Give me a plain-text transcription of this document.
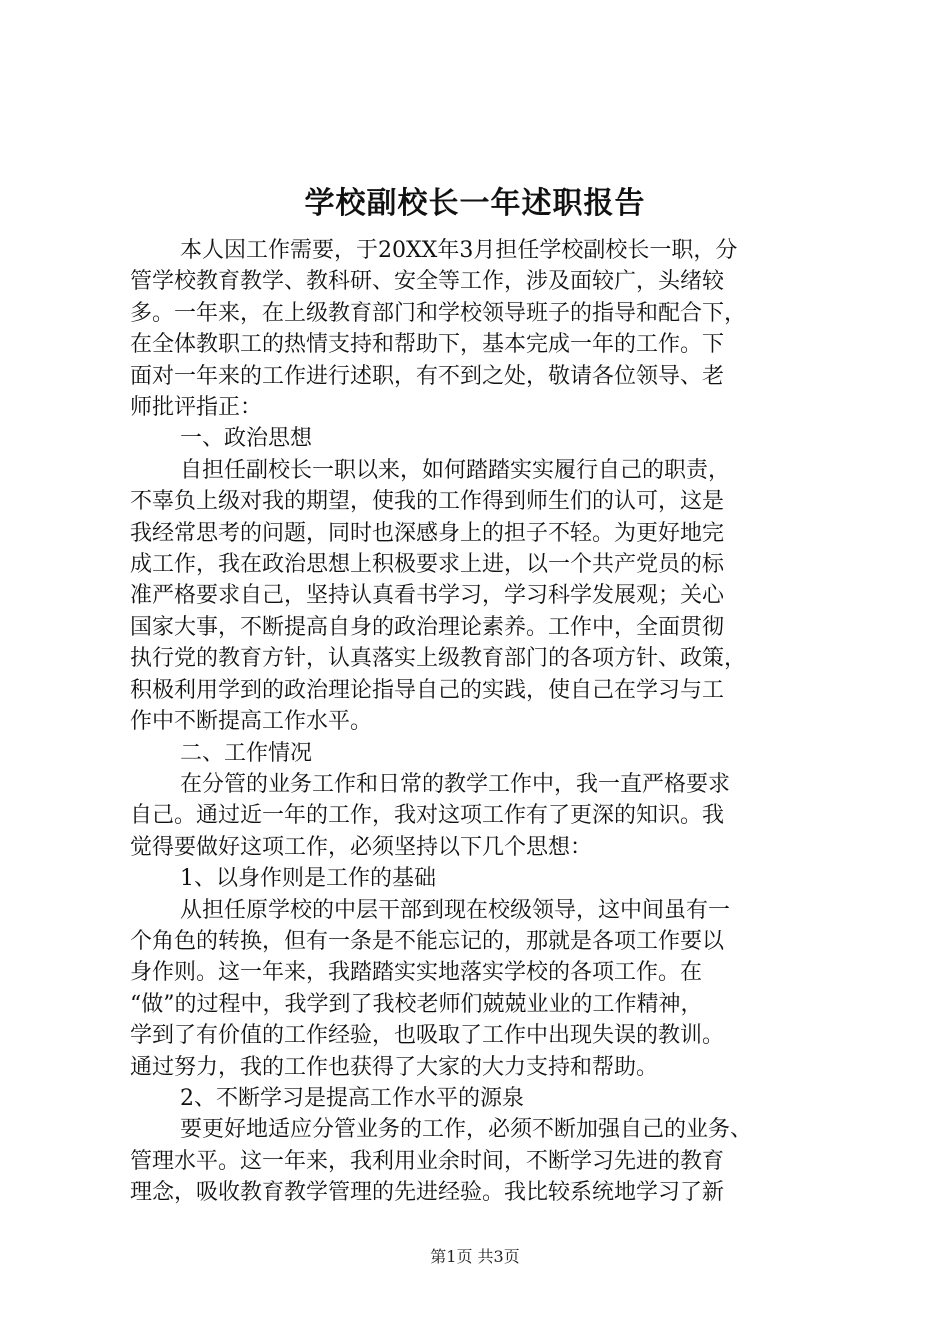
学校副校长一年述职报告
本人因工作需要，于20XX年3月担任学校副校长一职，分
管学校教育教学、教科研、安全等工作，涉及面较广，头绪较
多。一年来，在上级教育部门和学校领导班子的指导和配合下，
在全体教职工的热情支持和帮助下，基本完成一年的工作。下
面对一年来的工作进行述职，有不到之处，敬请各位领导、老
师批评指正：
一、政治思想
自担任副校长一职以来，如何踏踏实实履行自己的职责，
不辜负上级对我的期望，使我的工作得到师生们的认可，这是
我经常思考的问题，同时也深感身上的担子不轻。为更好地完
成工作，我在政治思想上积极要求上进，以一个共产党员的标
准严格要求自己，坚持认真看书学习，学习科学发展观；关心
国家大事，不断提高自身的政治理论素养。工作中，全面贯彻
执行党的教育方针，认真落实上级教育部门的各项方针、政策，
积极利用学到的政治理论指导自己的实践，使自己在学习与工
作中不断提高工作水平。
二、工作情况
在分管的业务工作和日常的教学工作中，我一直严格要求
自己。通过近一年的工作，我对这项工作有了更深的知识。我
觉得要做好这项工作，必须坚持以下几个思想：
1、以身作则是工作的基础
从担任原学校的中层干部到现在校级领导，这中间虽有一
个角色的转换，但有一条是不能忘记的，那就是各项工作要以
身作则。这一年来，我踏踏实实地落实学校的各项工作。在
“做”的过程中，我学到了我校老师们兢兢业业的工作精神，
学到了有价值的工作经验，也吸取了工作中出现失误的教训。
通过努力，我的工作也获得了大家的大力支持和帮助。
2、不断学习是提高工作水平的源泉
要更好地适应分管业务的工作，必须不断加强自己的业务、
管理水平。这一年来，我利用业余时间，不断学习先进的教育
理念，吸收教育教学管理的先进经验。我比较系统地学习了新
第1页 共3页
